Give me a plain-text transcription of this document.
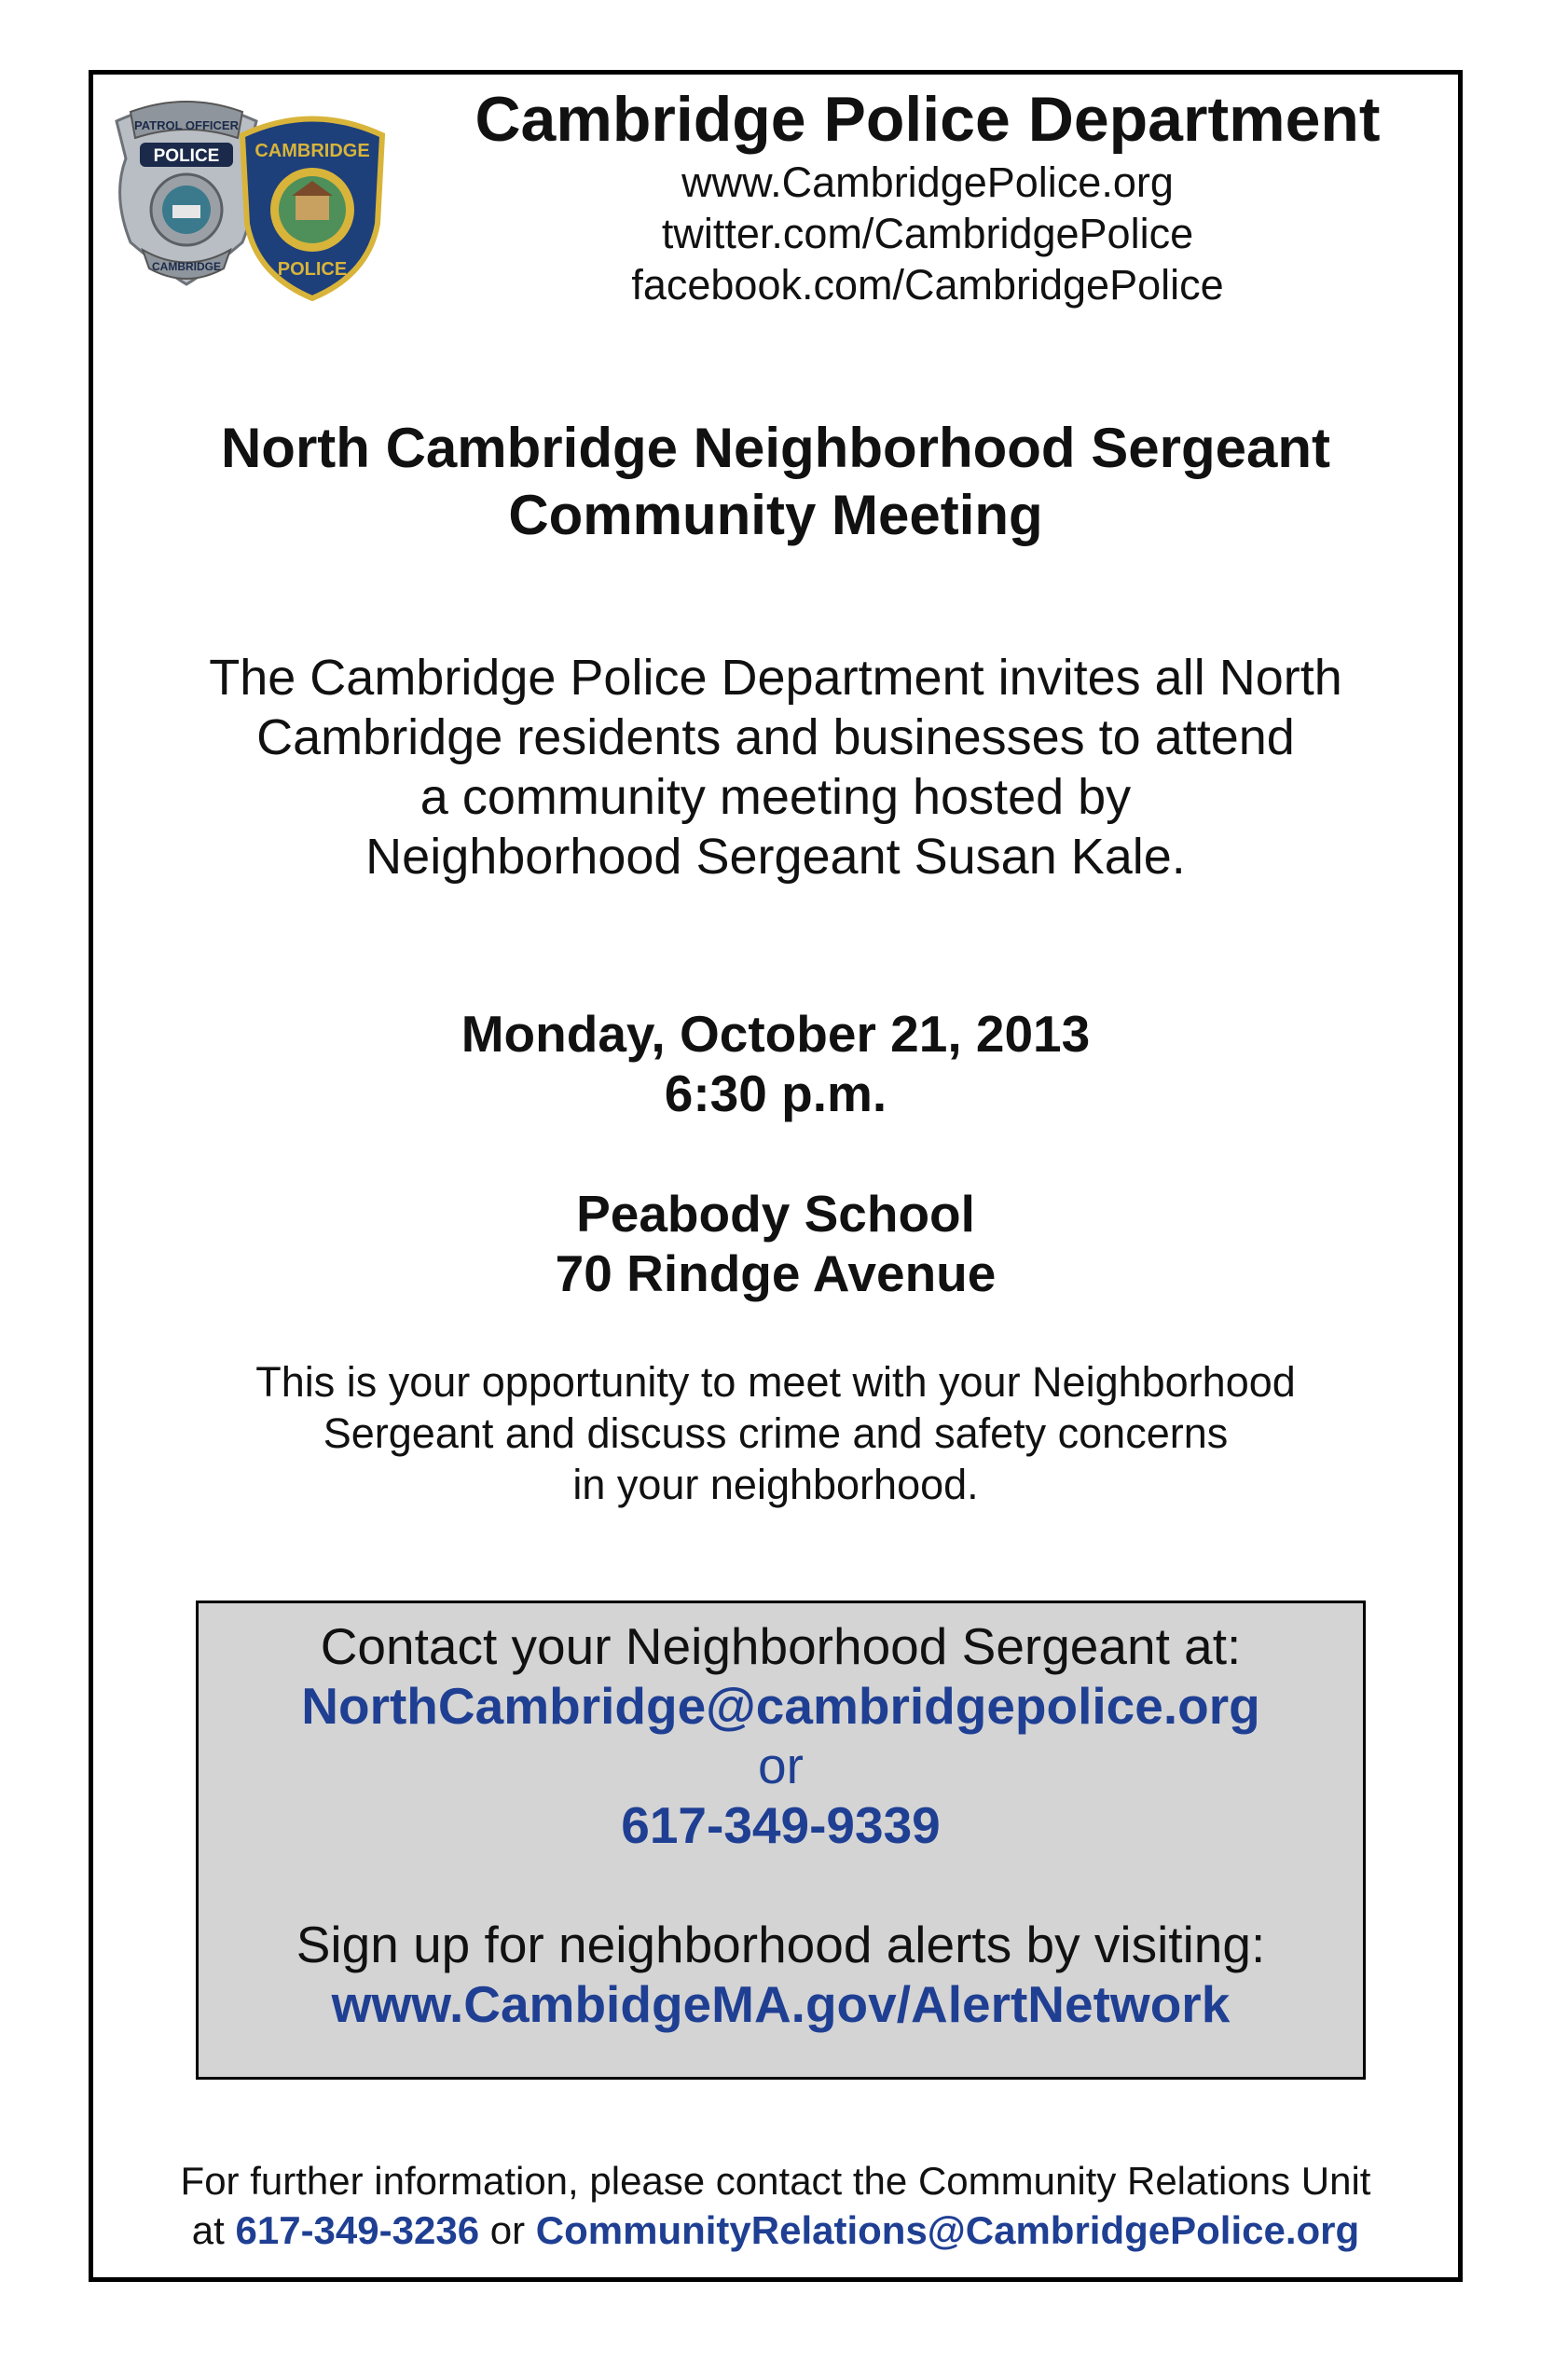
PATROL OFFICER
POLICE
CAMBRIDGE
CAMBRIDGE
POLICE
Cambridge Police Department
www.CambridgePolice.org
twitter.com/CambridgePolice
facebook.com/CambridgePolice
North Cambridge Neighborhood Sergeant
Community Meeting
The Cambridge Police Department invites all North
Cambridge residents and businesses to attend
a community meeting hosted by
Neighborhood Sergeant Susan Kale.
Monday, October 21, 2013
6:30 p.m.
Peabody School
70 Rindge Avenue
This is your opportunity to meet with your Neighborhood
Sergeant and discuss crime and safety concerns
in your neighborhood.
Contact your Neighborhood Sergeant at:
NorthCambridge@cambridgepolice.org
or
617-349-9339
Sign up for neighborhood alerts by visiting:
www.CambidgeMA.gov/AlertNetwork
For further information, please contact the Community Relations Unit
at 617-349-3236 or CommunityRelations@CambridgePolice.org
